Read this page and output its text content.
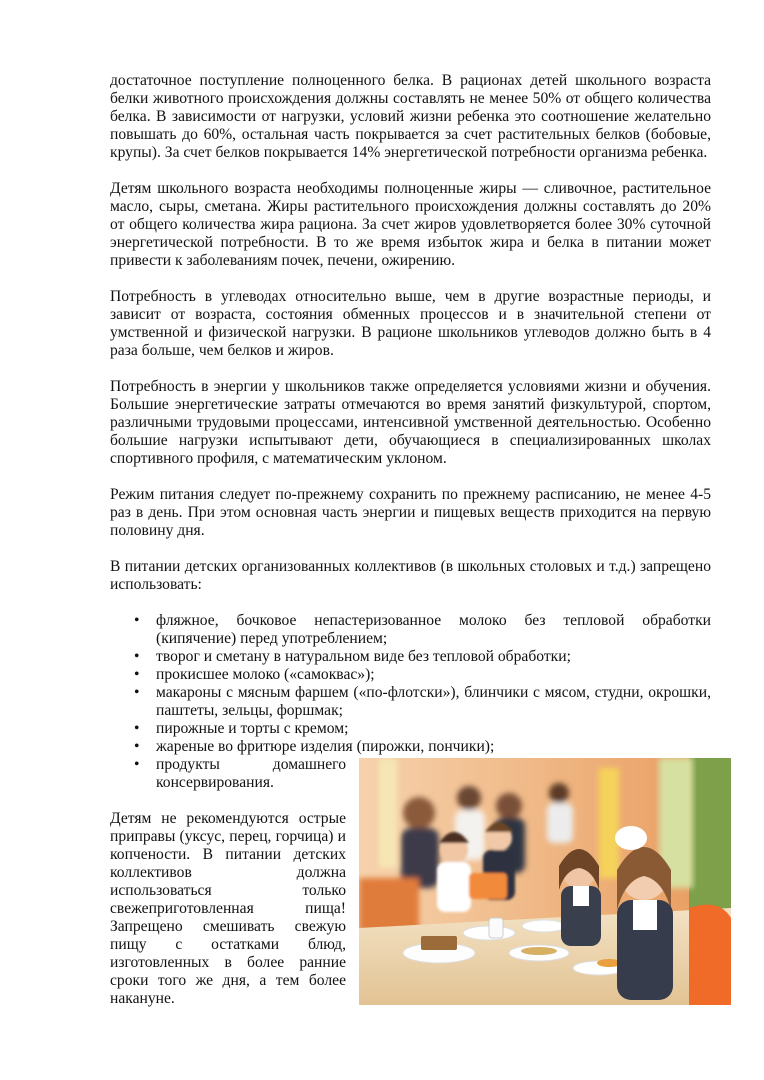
достаточное поступление полноценного белка. В рационах детей школьного возраста белки животного происхождения должны составлять не менее 50% от общего количества белка. В зависимости от нагрузки, условий жизни ребенка это соотношение желательно повышать до 60%, остальная часть покрывается за счет растительных белков (бобовые, крупы). За счет белков покрывается 14% энергетической потребности организма ребенка.

Детям школьного возраста необходимы полноценные жиры — сливочное, растительное масло, сыры, сметана. Жиры растительного происхождения должны составлять до 20% от общего количества жира рациона. За счет жиров удовлетворяется более 30% суточной энергетической потребности. В то же время избыток жира и белка в питании может привести к заболеваниям почек, печени, ожирению.

Потребность в углеводах относительно выше, чем в другие возрастные периоды, и зависит от возраста, состояния обменных процессов и в значительной степени от умственной и физической нагрузки. В рационе школьников углеводов должно быть в 4 раза больше, чем белков и жиров.

Потребность в энергии у школьников также определяется условиями жизни и обучения. Большие энергетические затраты отмечаются во время занятий физкультурой, спортом, различными трудовыми процессами, интенсивной умственной деятельностью. Особенно большие нагрузки испытывают дети, обучающиеся в специализированных школах спортивного профиля, с математическим уклоном.

Режим питания следует по-прежнему сохранить по прежнему расписанию, не менее 4-5 раз в день. При этом основная часть энергии и пищевых веществ приходится на первую половину дня.

В питании детских организованных коллективов (в школьных столовых и т.д.) запрещено использовать:

• фляжное, бочковое непастеризованное молоко без тепловой обработки (кипячение) перед употреблением;
• творог и сметану в натуральном виде без тепловой обработки;
• прокисшее молоко («самоквас»);
• макароны с мясным фаршем («по-флотски»), блинчики с мясом, студни, окрошки, паштеты, зельцы, форшмак;
• пирожные и торты с кремом;
• жареные во фритюре изделия (пирожки, пончики);
• продукты домашнего консервирования.
Детям не рекомендуются острые приправы (уксус, перец, горчица) и копчености. В питании детских коллективов должна использоваться только свежеприготовленная пища! Запрещено смешивать свежую пищу с остатками блюд, изготовленных в более ранние сроки того же дня, а тем более накануне.
